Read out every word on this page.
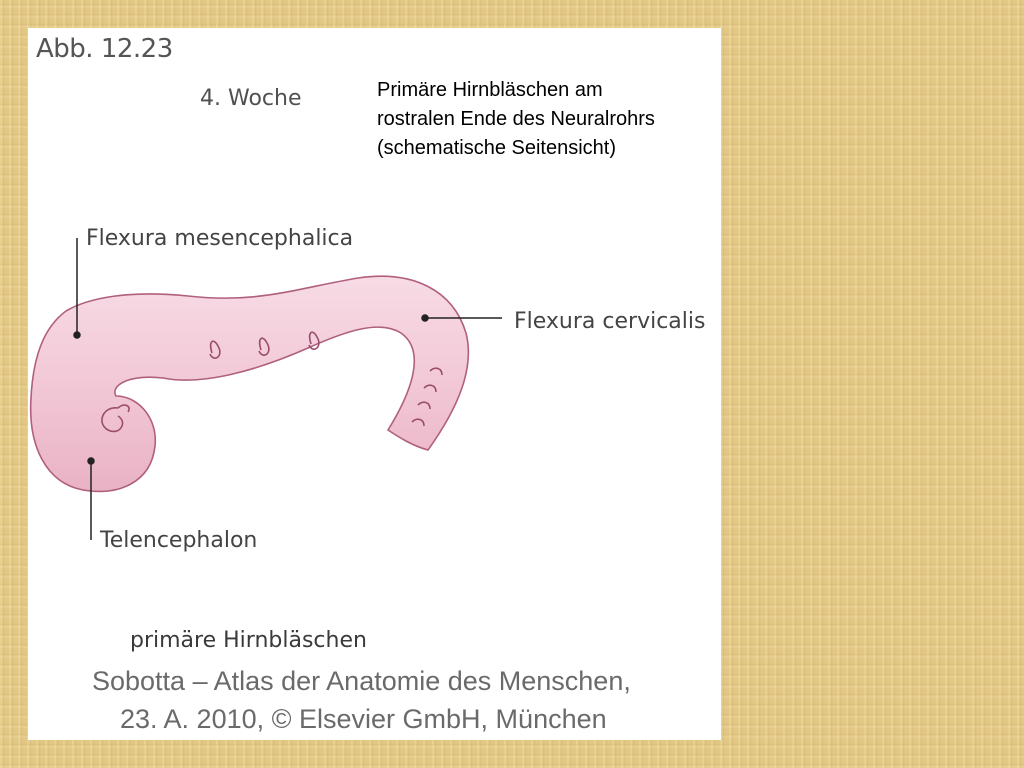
Abb. 12.23
4. Woche	Primäre Hirnbläschen am
rostralen Ende des Neuralrohrs
(schematische Seitensicht)
Flexura mesencephalica
Flexura cervicalis
Telencephalon
primäre Hirnbläschen
Sobotta – Atlas der Anatomie des Menschen,
23. A. 2010, © Elsevier GmbH, München
